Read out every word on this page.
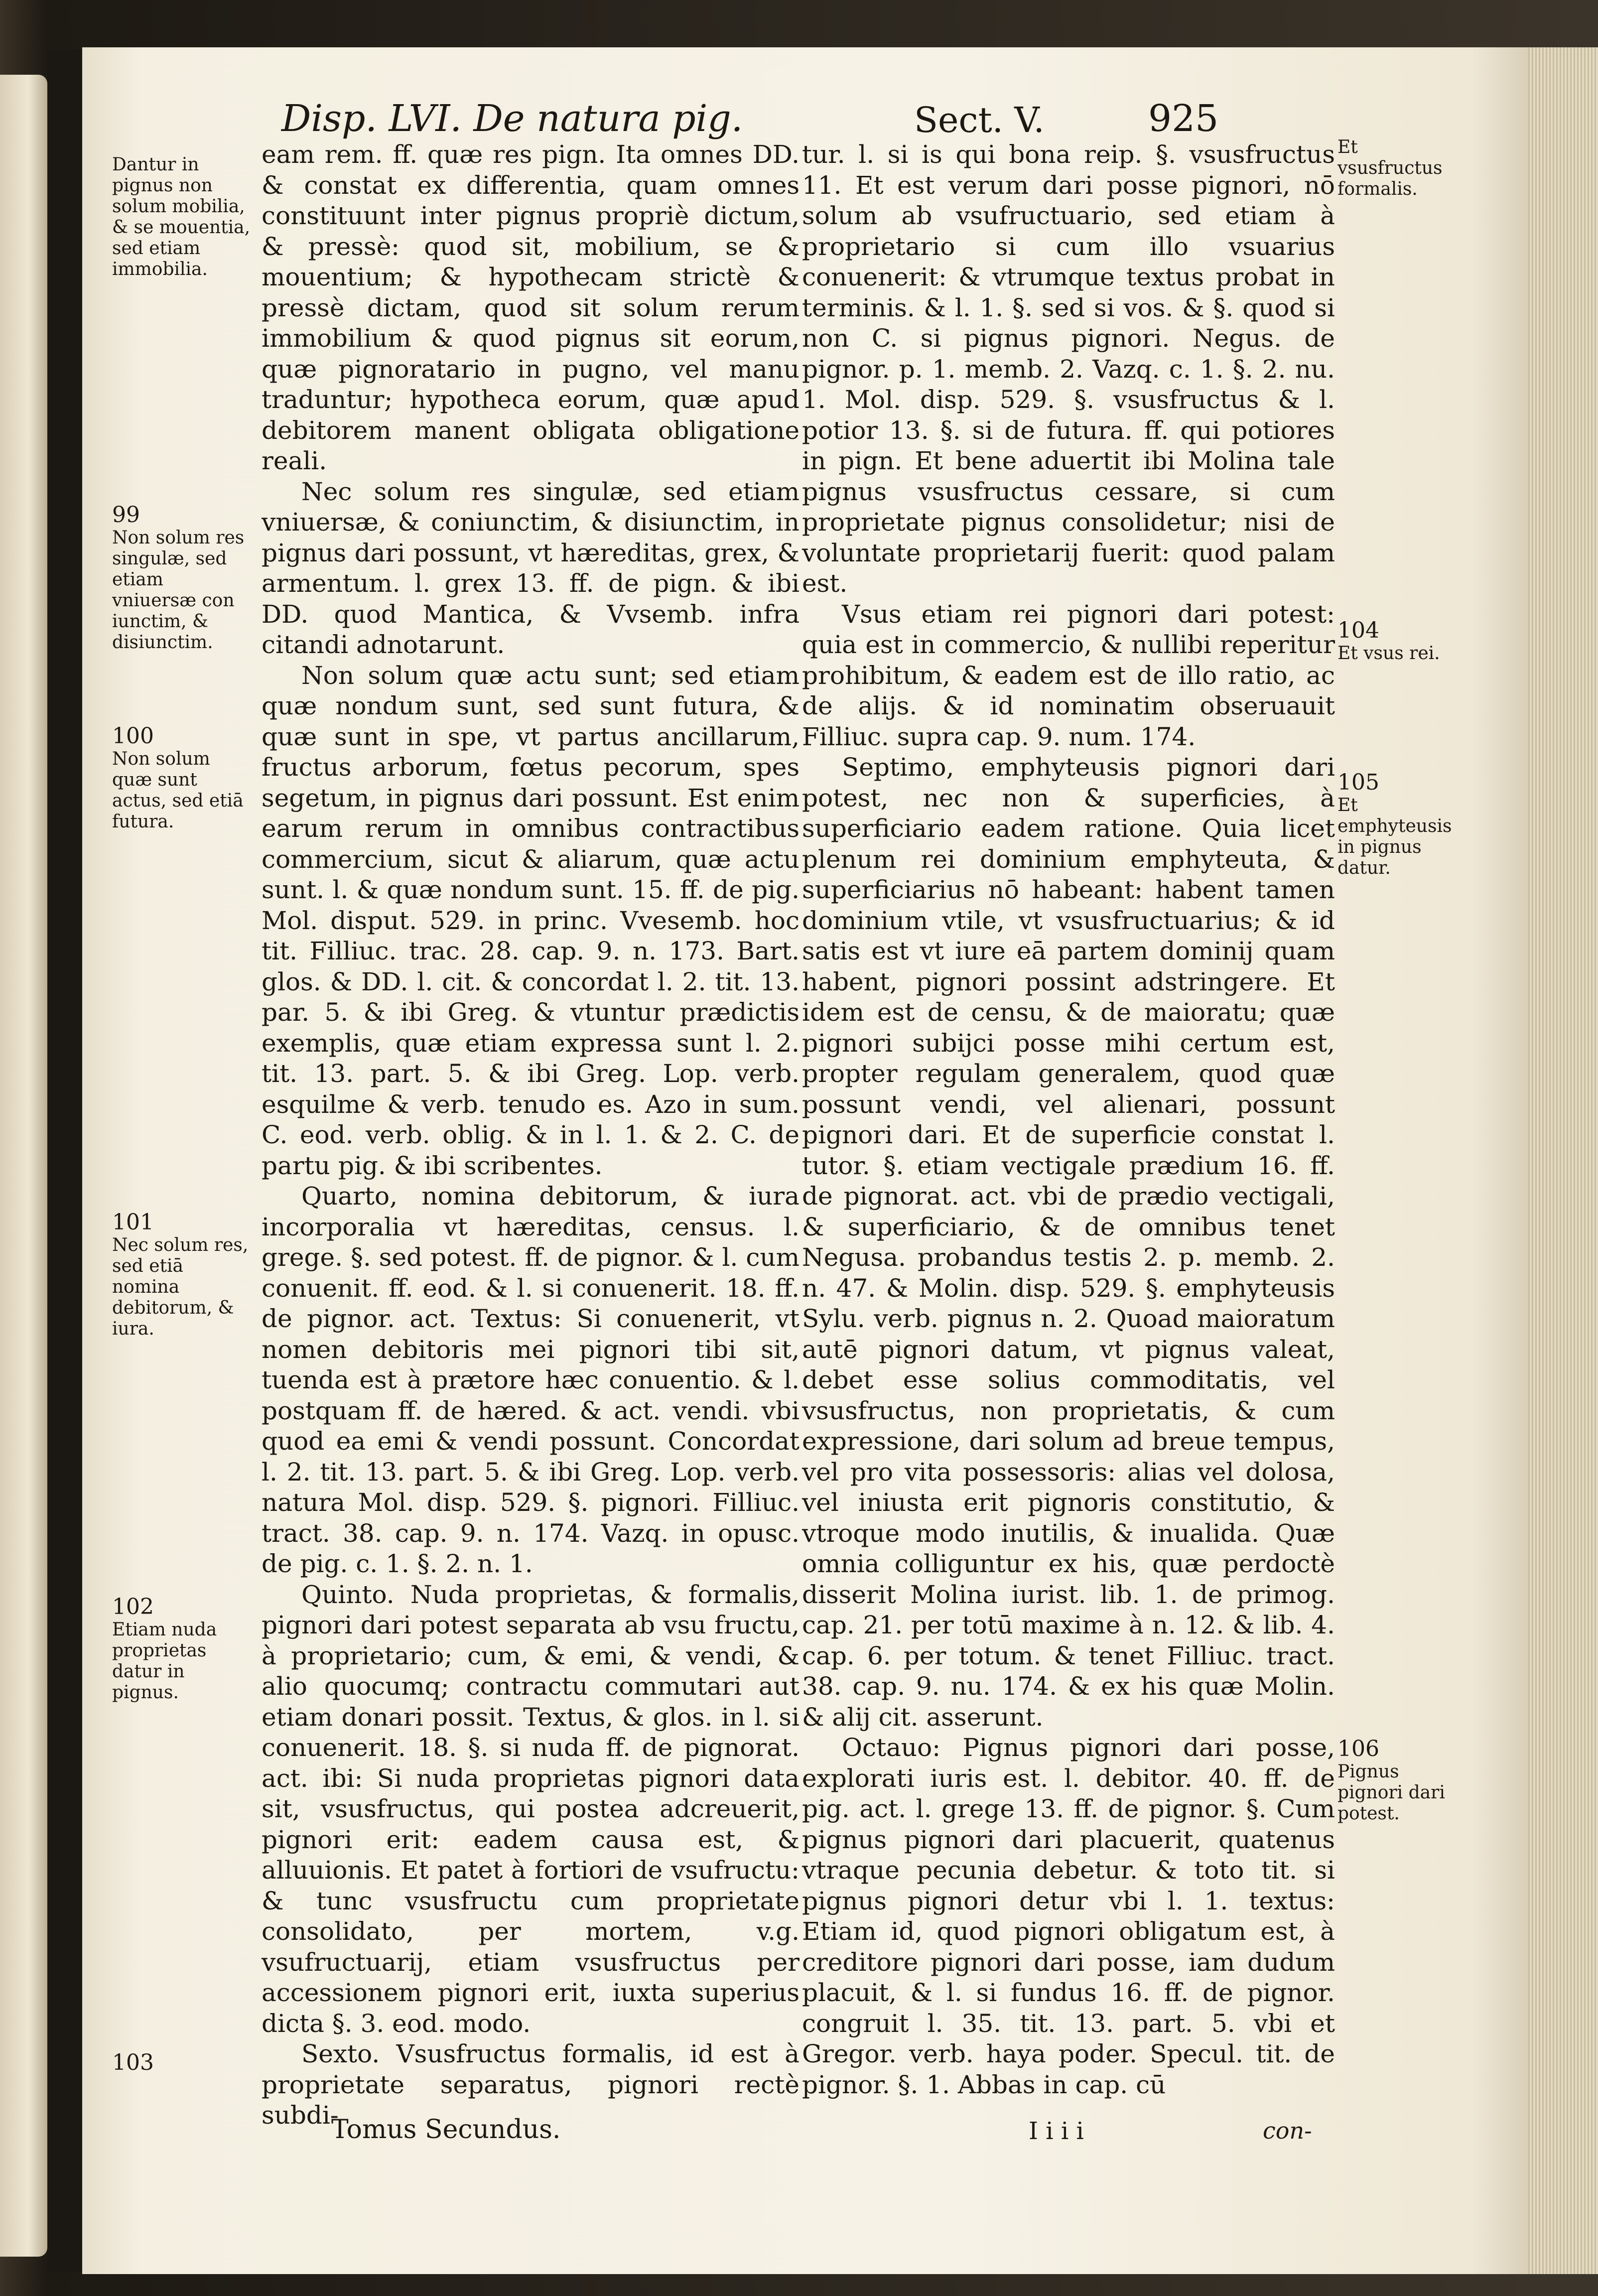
Disp. LVI. De natura pig.	Sect. V.	925

eam rem. ff. quæ res pign. Ita omnes DD. & constat ex differentia, quam omnes constituunt inter pignus propriè dictum, & pressè: quod sit, mobilium, se & mouentium; & hypothecam strictè & pressè dictam, quod sit solum rerum immobilium & quod pignus sit eorum, quæ pignoratario in pugno, vel manu traduntur; hypotheca eorum, quæ apud debitorem manent obligata obligatione reali.

Nec solum res singulæ, sed etiam vniuersæ, & coniunctim, & disiunctim, in pignus dari possunt, vt hæreditas, grex, & armentum. l. grex 13. ff. de pign. & ibi DD. quod Mantica, & Vvsemb. infra citandi adnotarunt.

Non solum quæ actu sunt; sed etiam quæ nondum sunt, sed sunt futura, & quæ sunt in spe, vt partus ancillarum, fructus arborum, fœtus pecorum, spes segetum, in pignus dari possunt. Est enim earum rerum in omnibus contractibus commercium, sicut & aliarum, quæ actu sunt. l. & quæ nondum sunt. 15. ff. de pig. Mol. disput. 529. in princ. Vvesemb. hoc tit. Filliuc. trac. 28. cap. 9. n. 173. Bart. glos. & DD. l. cit. & concordat l. 2. tit. 13. par. 5. & ibi Greg. & vtuntur prædictis exemplis, quæ etiam expressa sunt l. 2. tit. 13. part. 5. & ibi Greg. Lop. verb. esquilme & verb. tenudo es. Azo in sum. C. eod. verb. oblig. & in l. 1. & 2. C. de partu pig. & ibi scribentes.

Quarto, nomina debitorum, & iura incorporalia vt hæreditas, census. l. grege. §. sed potest. ff. de pignor. & l. cum conuenit. ff. eod. & l. si conuenerit. 18. ff. de pignor. act. Textus: Si conuenerit, vt nomen debitoris mei pignori tibi sit, tuenda est à prætore hæc conuentio. & l. postquam ff. de hæred. & act. vendi. vbi quod ea emi & vendi possunt. Concordat l. 2. tit. 13. part. 5. & ibi Greg. Lop. verb. natura Mol. disp. 529. §. pignori. Filliuc. tract. 38. cap. 9. n. 174. Vazq. in opusc. de pig. c. 1. §. 2. n. 1.

Quinto. Nuda proprietas, & formalis, pignori dari potest separata ab vsu fructu, à proprietario; cum, & emi, & vendi, & alio quocumq; contractu commutari aut etiam donari possit. Textus, & glos. in l. si conuenerit. 18. §. si nuda ff. de pignorat. act. ibi: Si nuda proprietas pignori data sit, vsusfructus, qui postea adcreuerit, pignori erit: eadem causa est, & alluuionis. Et patet à fortiori de vsufructu: & tunc vsusfructu cum proprietate consolidato, per mortem, v.g. vsufructuarij, etiam vsusfructus per accessionem pignori erit, iuxta superius dicta §. 3. eod. modo.

Sexto. Vsusfructus formalis, id est à proprietate separatus, pignori rectè subdi-

tur. l. si is qui bona reip. §. vsusfructus 11. Et est verum dari posse pignori, nō solum ab vsufructuario, sed etiam à proprietario si cum illo vsuarius conuenerit: & vtrumque textus probat in terminis. & l. 1. §. sed si vos. & §. quod si non C. si pignus pignori. Negus. de pignor. p. 1. memb. 2. Vazq. c. 1. §. 2. nu. 1. Mol. disp. 529. §. vsusfructus & l. potior 13. §. si de futura. ff. qui potiores in pign. Et bene aduertit ibi Molina tale pignus vsusfructus cessare, si cum proprietate pignus consolidetur; nisi de voluntate proprietarij fuerit: quod palam est.

Vsus etiam rei pignori dari potest: quia est in commercio, & nullibi reperitur prohibitum, & eadem est de illo ratio, ac de alijs. & id nominatim obseruauit Filliuc. supra cap. 9. num. 174.

Septimo, emphyteusis pignori dari potest, nec non & superficies, à superficiario eadem ratione. Quia licet plenum rei dominium emphyteuta, & superficiarius nō habeant: habent tamen dominium vtile, vt vsusfructuarius; & id satis est vt iure eā partem dominij quam habent, pignori possint adstringere. Et idem est de censu, & de maioratu; quæ pignori subijci posse mihi certum est, propter regulam generalem, quod quæ possunt vendi, vel alienari, possunt pignori dari. Et de superficie constat l. tutor. §. etiam vectigale prædium 16. ff. de pignorat. act. vbi de prædio vectigali, & superficiario, & de omnibus tenet Negusa. probandus testis 2. p. memb. 2. n. 47. & Molin. disp. 529. §. emphyteusis Sylu. verb. pignus n. 2. Quoad maioratum autē pignori datum, vt pignus valeat, debet esse solius commoditatis, vel vsusfructus, non proprietatis, & cum expressione, dari solum ad breue tempus, vel pro vita possessoris: alias vel dolosa, vel iniusta erit pignoris constitutio, & vtroque modo inutilis, & inualida. Quæ omnia colliguntur ex his, quæ perdoctè disserit Molina iurist. lib. 1. de primog. cap. 21. per totū maxime à n. 12. & lib. 4. cap. 6. per totum. & tenet Filliuc. tract. 38. cap. 9. nu. 174. & ex his quæ Molin. & alij cit. asserunt.

Octauo: Pignus pignori dari posse, explorati iuris est. l. debitor. 40. ff. de pig. act. l. grege 13. ff. de pignor. §. Cum pignus pignori dari placuerit, quatenus vtraque pecunia debetur. & toto tit. si pignus pignori detur vbi l. 1. textus: Etiam id, quod pignori obligatum est, à creditore pignori dari posse, iam dudum placuit, & l. si fundus 16. ff. de pignor. congruit l. 35. tit. 13. part. 5. vbi et Gregor. verb. haya poder. Specul. tit. de pignor. §. 1. Abbas in cap. cū

Dantur in pignus non solum mobilia, & se mouentia, sed etiam immobilia.
99
Non solum res singulæ, sed etiam vniuersæ con iunctim, & disiunctim.
100
Non solum quæ sunt actus, sed etiā futura.
101
Nec solum res, sed etiā nomina debitorum, & iura.
102
Etiam nuda proprietas datur in pignus.
103
Et vsusfructus formalis.
104
Et vsus rei.
105
Et emphyteusis in pignus datur.
106
Pignus pignori dari potest.
Tomus Secundus.	I i i i	con-
